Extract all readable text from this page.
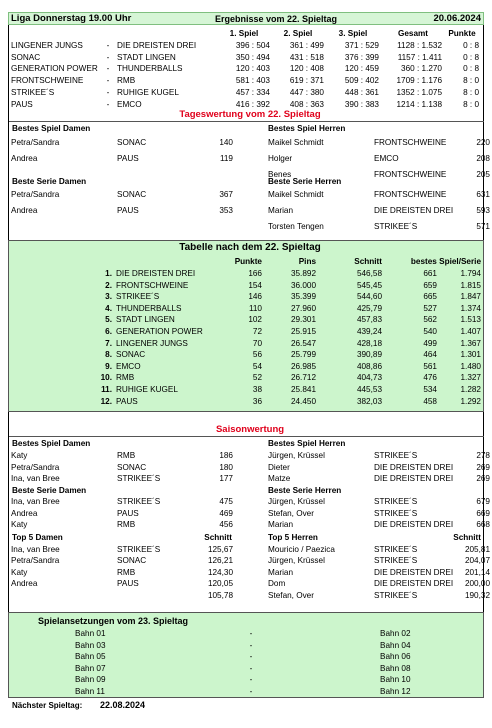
Liga Donnerstag 19.00 Uhr	Ergebnisse vom 22. Spieltag	20.06.2024
1. Spiel	2. Spiel	3. Spiel	Gesamt	Punkte
LINGENER JUNGS	- DIE DREISTEN DREI	396 : 504	361 : 499	371 : 529	1128 : 1.532	0 : 8
SONAC	- STADT LINGEN	350 : 494	431 : 518	376 : 399	1157 : 1.411	0 : 8
GENERATION POWER	- THUNDERBALLS	120 : 403	120 : 408	120 : 459	360 : 1.270	0 : 8
FRONTSCHWEINE	- RMB	581 : 403	619 : 371	509 : 402	1709 : 1.176	8 : 0
STRIKEE´S	- RUHIGE KUGEL	457 : 334	447 : 380	448 : 361	1352 : 1.075	8 : 0
PAUS	- EMCO	416 : 392	408 : 363	390 : 383	1214 : 1.138	8 : 0
Tageswertung vom 22. Spieltag
Bestes Spiel Damen	Bestes Spiel Herren
Petra/Sandra	SONAC	140
Andrea	PAUS	119
Maikel Schmidt	FRONTSCHWEINE	220
Holger	EMCO	208
Benes	FRONTSCHWEINE	205
Beste Serie Damen	Beste Serie Herren
Petra/Sandra	SONAC	367
Andrea	PAUS	353
Maikel Schmidt	FRONTSCHWEINE	631
Marian	DIE DREISTEN DREI	593
Torsten Tengen	STRIKEE´S	571
Tabelle nach dem 22. Spieltag
Punkte	Pins	Schnitt	bestes Spiel/Serie
1. DIE DREISTEN DREI	166	35.892	546,58	661	1.794
2. FRONTSCHWEINE	154	36.000	545,45	659	1.815
3. STRIKEE´S	146	35.399	544,60	665	1.847
4. THUNDERBALLS	110	27.960	425,79	527	1.374
5. STADT LINGEN	102	29.301	457,83	562	1.513
6. GENERATION POWER	72	25.915	439,24	540	1.407
7. LINGENER JUNGS	70	26.547	428,18	499	1.367
8. SONAC	56	25.799	390,89	464	1.301
9. EMCO	54	26.985	408,86	561	1.480
10. RMB	52	26.712	404,73	476	1.327
11. RUHIGE KUGEL	38	25.841	445,53	534	1.282
12. PAUS	36	24.450	382,03	458	1.292
Saisonwertung
Bestes Spiel Damen	Bestes Spiel Herren
Katy	RMB	186
Petra/Sandra	SONAC	180
Ina, van Bree	STRIKEE´S	177
Jürgen, Krüssel	STRIKEE´S	278
Dieter	DIE DREISTEN DREI	269
Matze	DIE DREISTEN DREI	269
Beste Serie Damen	Beste Serie Herren
Ina, van Bree	STRIKEE´S	475
Andrea	PAUS	469
Katy	RMB	456
Jürgen, Krüssel	STRIKEE´S	679
Stefan, Over	STRIKEE´S	669
Marian	DIE DREISTEN DREI	668
Top 5 Damen	Schnitt	Top 5 Herren	Schnitt
Ina, van Bree	STRIKEE´S	125,67
Petra/Sandra	SONAC	126,21
Katy	RMB	124,30
Andrea	PAUS	120,05
105,78
Mouricio / Paezica	STRIKEE´S	205,81
Jürgen, Krüssel	STRIKEE´S	204,07
Marian	DIE DREISTEN DREI	201,14
Dom	DIE DREISTEN DREI	200,00
Stefan, Over	STRIKEE´S	190,32
Spielansetzungen vom 23. Spieltag
Bahn 01	-	Bahn 02
Bahn 03	-	Bahn 04
Bahn 05	-	Bahn 06
Bahn 07	-	Bahn 08
Bahn 09	-	Bahn 10
Bahn 11	-	Bahn 12
Nächster Spieltag:	22.08.2024
